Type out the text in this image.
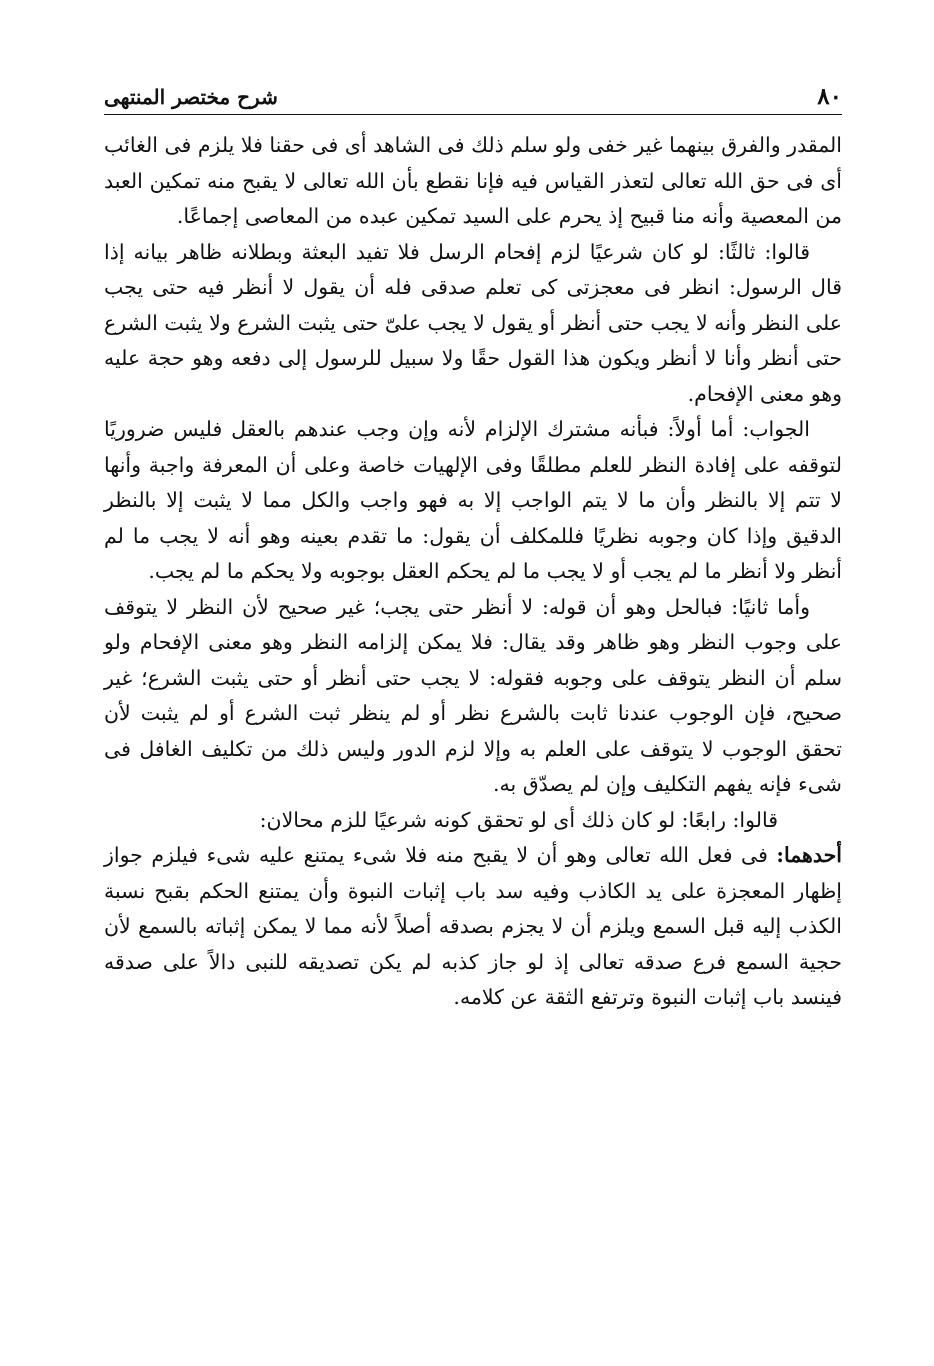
٨٠
شرح مختصر المنتهى

المقدر والفرق بينهما غير خفى ولو سلم ذلك فى الشاهد أى فى حقنا فلا يلزم فى الغائب أى فى حق الله تعالى لتعذر القياس فيه فإنا نقطع بأن الله تعالى لا يقبح منه تمكين العبد من المعصية وأنه منا قبيح إذ يحرم على السيد تمكين عبده من المعاصى إجماعًا.

قالوا: ثالثًا: لو كان شرعيًا لزم إفحام الرسل فلا تفيد البعثة وبطلانه ظاهر بيانه إذا قال الرسول: انظر فى معجزتى كى تعلم صدقى فله أن يقول لا أنظر فيه حتى يجب على النظر وأنه لا يجب حتى أنظر أو يقول لا يجب علىّ حتى يثبت الشرع ولا يثبت الشرع حتى أنظر وأنا لا أنظر ويكون هذا القول حقًا ولا سبيل للرسول إلى دفعه وهو حجة عليه وهو معنى الإفحام.

الجواب: أما أولاً: فبأنه مشترك الإلزام لأنه وإن وجب عندهم بالعقل فليس ضروريًا لتوقفه على إفادة النظر للعلم مطلقًا وفى الإلهيات خاصة وعلى أن المعرفة واجبة وأنها لا تتم إلا بالنظر وأن ما لا يتم الواجب إلا به فهو واجب والكل مما لا يثبت إلا بالنظر الدقيق وإذا كان وجوبه نظريًا فللمكلف أن يقول: ما تقدم بعينه وهو أنه لا يجب ما لم أنظر ولا أنظر ما لم يجب أو لا يجب ما لم يحكم العقل بوجوبه ولا يحكم ما لم يجب.

وأما ثانيًا: فبالحل وهو أن قوله: لا أنظر حتى يجب؛ غير صحيح لأن النظر لا يتوقف على وجوب النظر وهو ظاهر وقد يقال: فلا يمكن إلزامه النظر وهو معنى الإفحام ولو سلم أن النظر يتوقف على وجوبه فقوله: لا يجب حتى أنظر أو حتى يثبت الشرع؛ غير صحيح، فإن الوجوب عندنا ثابت بالشرع نظر أو لم ينظر ثبت الشرع أو لم يثبت لأن تحقق الوجوب لا يتوقف على العلم به وإلا لزم الدور وليس ذلك من تكليف الغافل فى شىء فإنه يفهم التكليف وإن لم يصدّق به.

قالوا: رابعًا: لو كان ذلك أى لو تحقق كونه شرعيًا للزم محالان:

أحدهما: فى فعل الله تعالى وهو أن لا يقبح منه فلا شىء يمتنع عليه شىء فيلزم جواز إظهار المعجزة على يد الكاذب وفيه سد باب إثبات النبوة وأن يمتنع الحكم بقبح نسبة الكذب إليه قبل السمع ويلزم أن لا يجزم بصدقه أصلاً لأنه مما لا يمكن إثباته بالسمع لأن حجية السمع فرع صدقه تعالى إذ لو جاز كذبه لم يكن تصديقه للنبى دالاً على صدقه فينسد باب إثبات النبوة وترتفع الثقة عن كلامه.
